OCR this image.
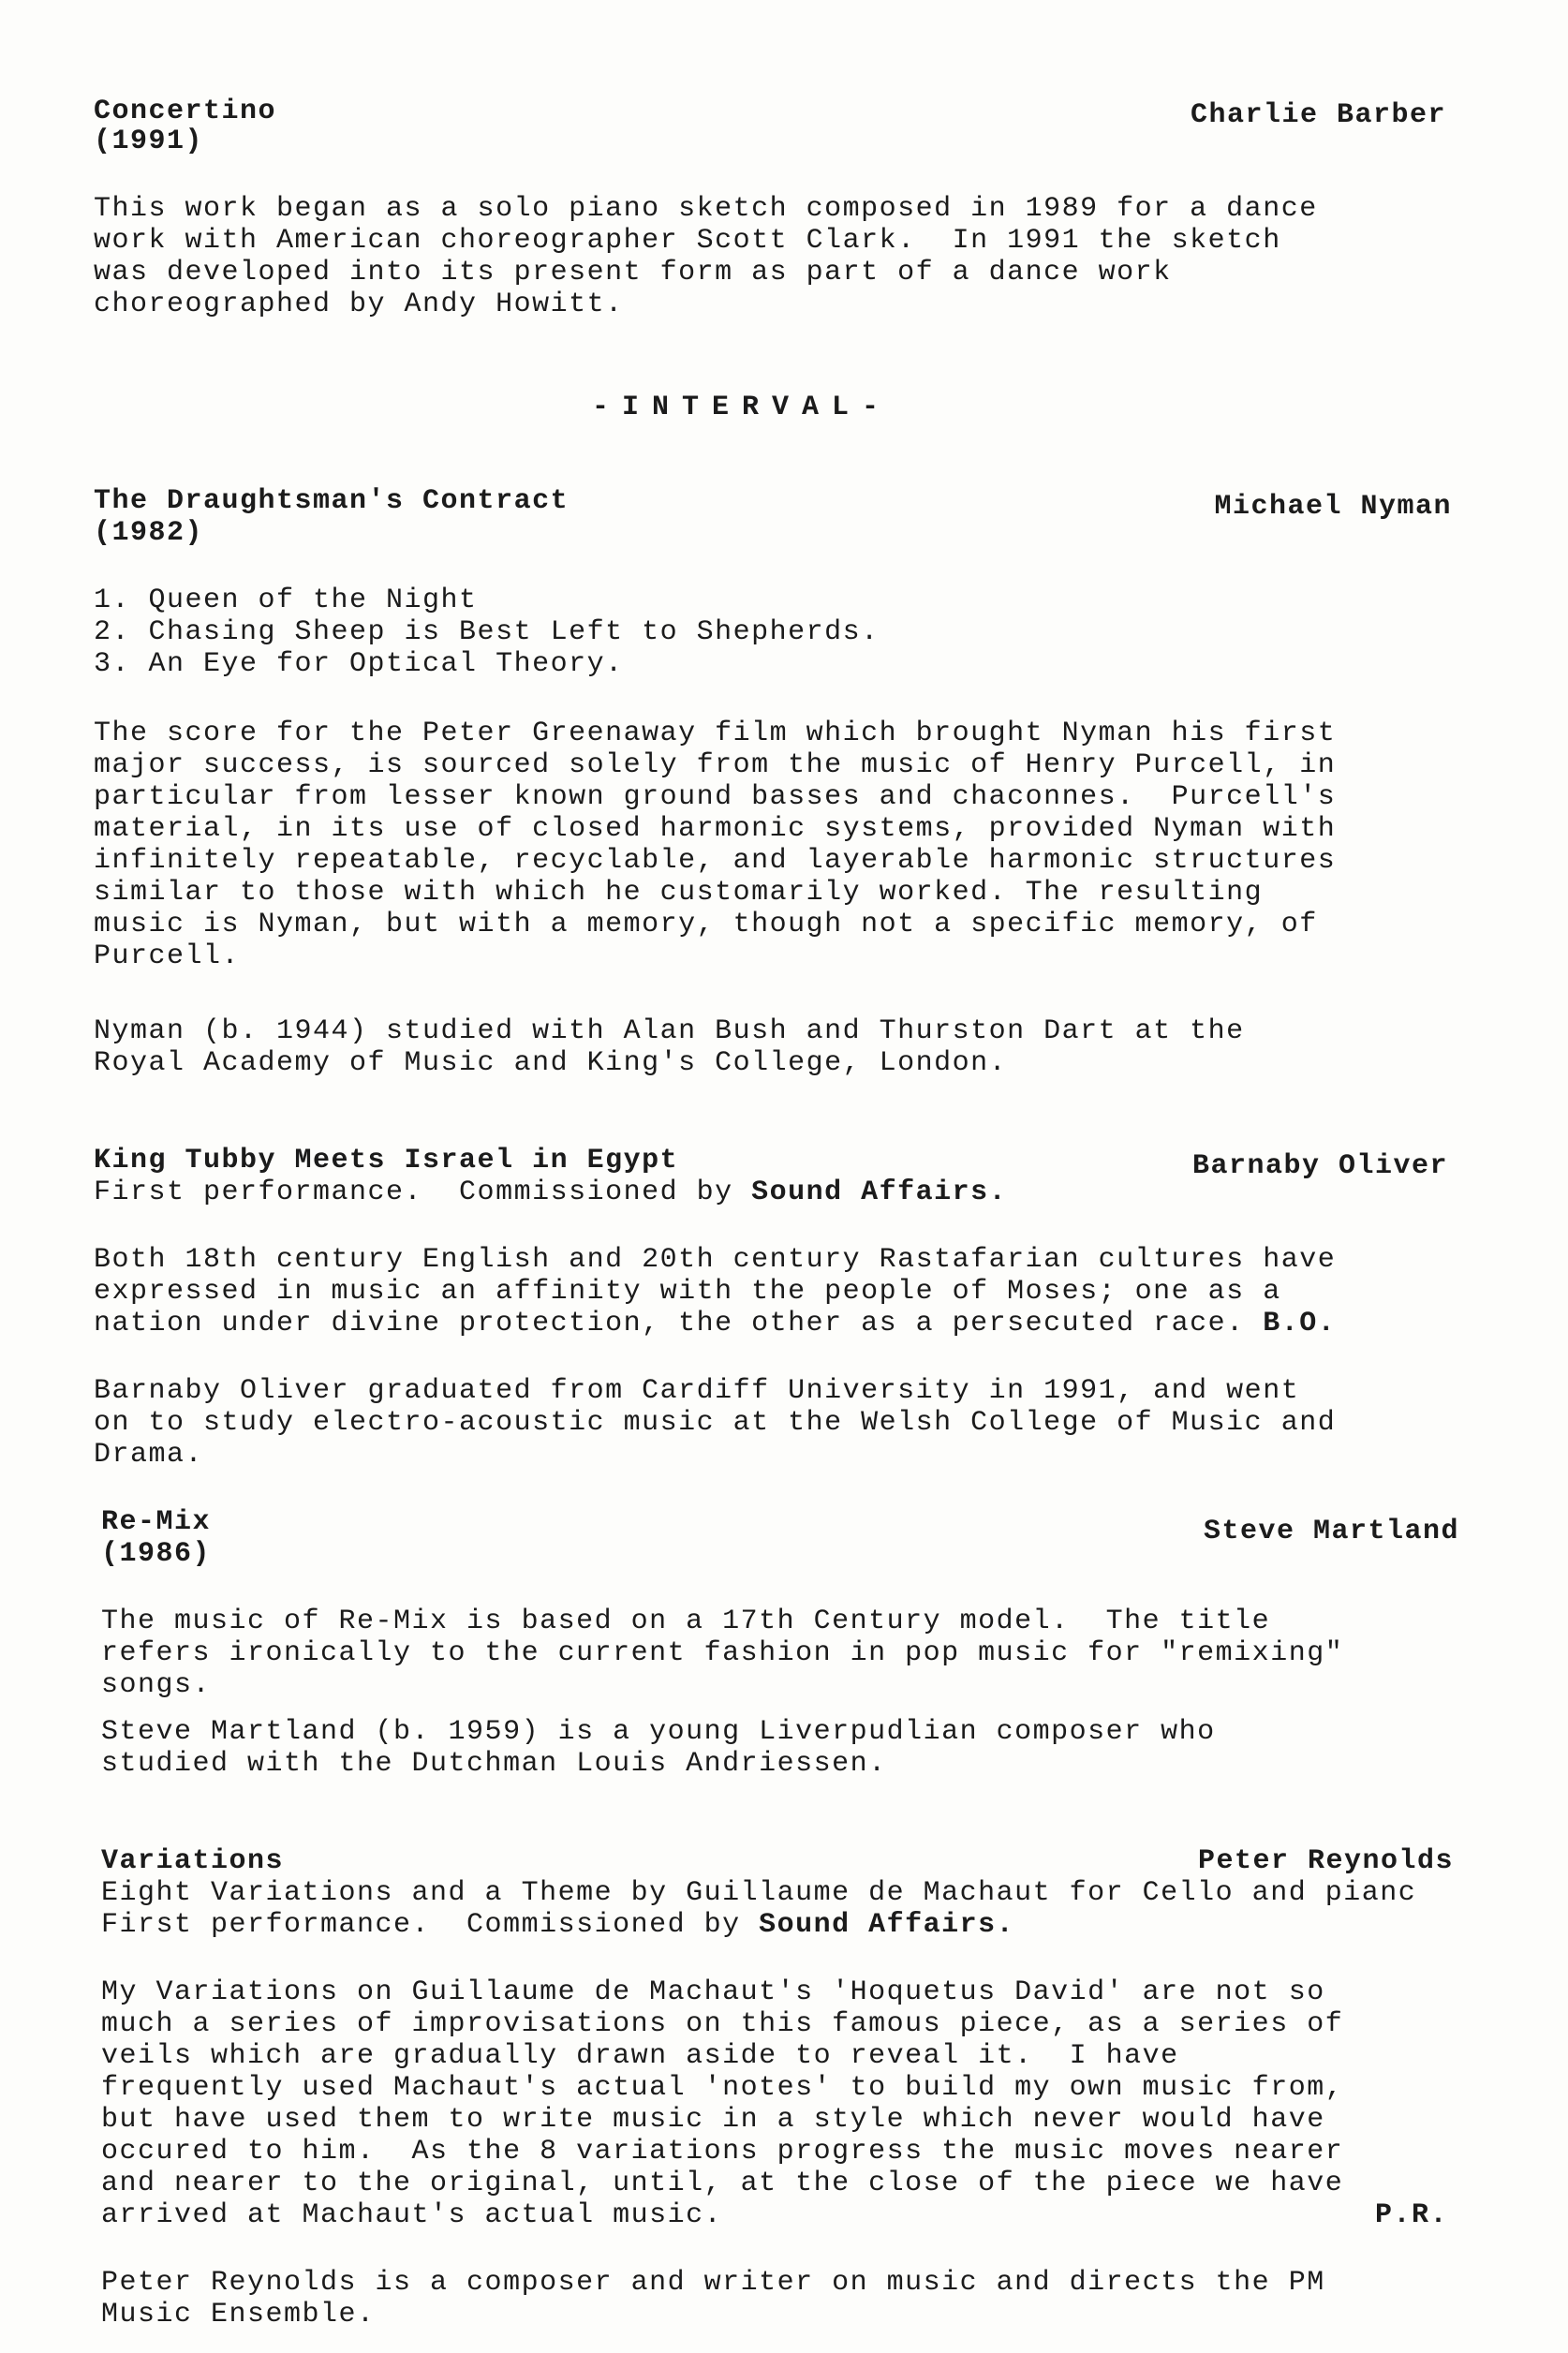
Concertino
(1991)
Charlie Barber
This work began as a solo piano sketch composed in 1989 for a dance
work with American choreographer Scott Clark.  In 1991 the sketch
was developed into its present form as part of a dance work
choreographed by Andy Howitt.
-INTERVAL-
The Draughtsman's Contract
(1982)
Michael Nyman
1. Queen of the Night
2. Chasing Sheep is Best Left to Shepherds.
3. An Eye for Optical Theory.
The score for the Peter Greenaway film which brought Nyman his first
major success, is sourced solely from the music of Henry Purcell, in
particular from lesser known ground basses and chaconnes.  Purcell's
material, in its use of closed harmonic systems, provided Nyman with
infinitely repeatable, recyclable, and layerable harmonic structures
similar to those with which he customarily worked. The resulting
music is Nyman, but with a memory, though not a specific memory, of
Purcell.
Nyman (b. 1944) studied with Alan Bush and Thurston Dart at the
Royal Academy of Music and King's College, London.
King Tubby Meets Israel in Egypt	Barnaby Oliver
First performance.  Commissioned by Sound Affairs.
Both 18th century English and 20th century Rastafarian cultures have
expressed in music an affinity with the people of Moses; one as a
nation under divine protection, the other as a persecuted race. B.O.
Barnaby Oliver graduated from Cardiff University in 1991, and went
on to study electro-acoustic music at the Welsh College of Music and
Drama.
Re-Mix
(1986)
Steve Martland
The music of Re-Mix is based on a 17th Century model.  The title
refers ironically to the current fashion in pop music for "remixing"
songs.
Steve Martland (b. 1959) is a young Liverpudlian composer who
studied with the Dutchman Louis Andriessen.
Variations	Peter Reynolds
Eight Variations and a Theme by Guillaume de Machaut for Cello and pianc
First performance.  Commissioned by Sound Affairs.
My Variations on Guillaume de Machaut's 'Hoquetus David' are not so
much a series of improvisations on this famous piece, as a series of
veils which are gradually drawn aside to reveal it.  I have
frequently used Machaut's actual 'notes' to build my own music from,
but have used them to write music in a style which never would have
occured to him.  As the 8 variations progress the music moves nearer
and nearer to the original, until, at the close of the piece we have
arrived at Machaut's actual music.	P.R.
Peter Reynolds is a composer and writer on music and directs the PM
Music Ensemble.
